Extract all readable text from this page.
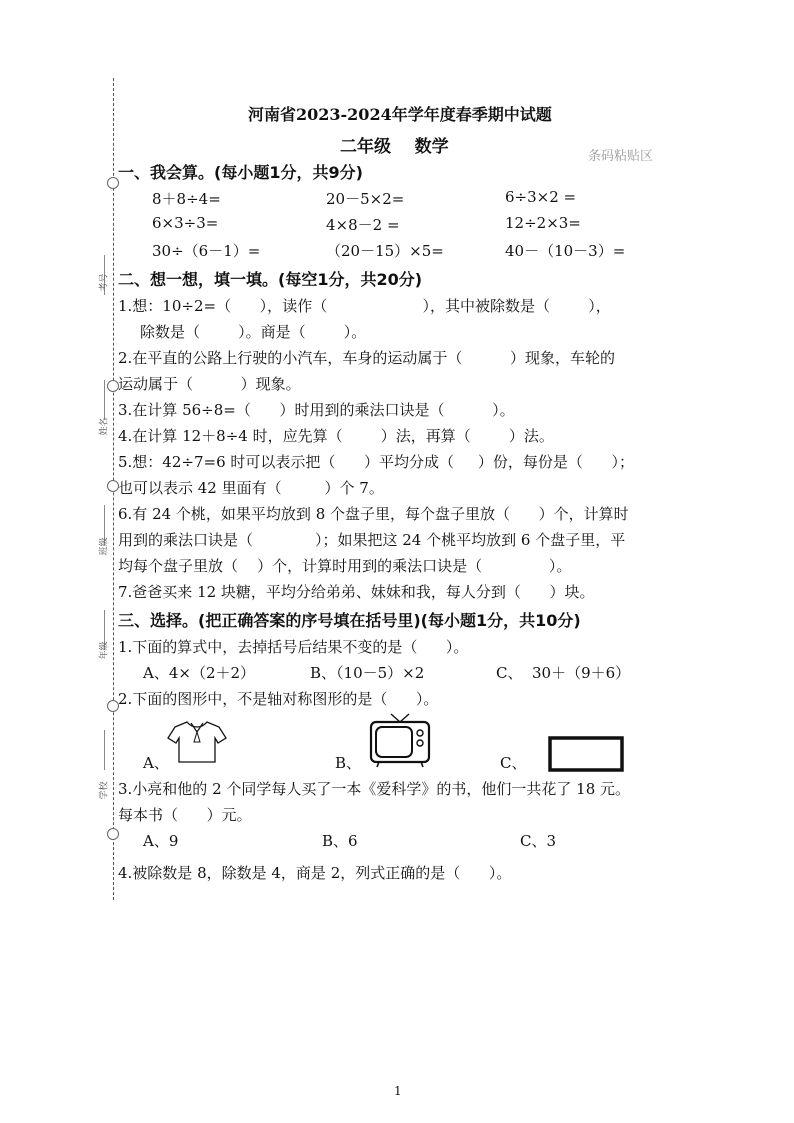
考号
姓名
班级
年级
学校
河南省2023-2024年学年度春季期中试题
二年级    数学	条码粘贴区
一、我会算。(每小题1分，共9分)
8＋8÷4=	20－5×2=	6÷3×2 =
6×3÷3=	4×8－2 =	12÷2×3=
30÷（6－1）=	（20－15）×5=	40－（10－3）=
二、想一想，填一填。(每空1分，共20分)
1.想：10÷2=（      ），读作（                    ），其中被除数是（        ），
除数是（        ）。商是（        ）。
2.在平直的公路上行驶的小汽车，车身的运动属于（          ）现象，车轮的
运动属于（          ）现象。
3.在计算 56÷8=（      ）时用到的乘法口诀是（          ）。
4.在计算 12＋8÷4 时，应先算（        ）法，再算（        ）法。
5.想：42÷7=6 时可以表示把（      ）平均分成（     ）份，每份是（      ）；
也可以表示 42 里面有（         ）个 7。
6.有 24 个桃，如果平均放到 8 个盘子里，每个盘子里放（      ）个，计算时
用到的乘法口诀是（             ）；如果把这 24 个桃平均放到 6 个盘子里，平
均每个盘子里放（    ）个，计算时用到的乘法口诀是（              ）。
7.爸爸买来 12 块糖，平均分给弟弟、妹妹和我，每人分到（      ）块。
三、选择。(把正确答案的序号填在括号里)(每小题1分，共10分)
1.下面的算式中，去掉括号后结果不变的是（      ）。
A、4×（2＋2）	B、（10－5）×2	C、  30＋（9＋6）
2.下面的图形中，不是轴对称图形的是（      ）。
A、	B、	C、
3.小亮和他的 2 个同学每人买了一本《爱科学》的书，他们一共花了 18 元。
每本书（      ）元。
A、9	B、6	C、3
4.被除数是 8，除数是 4，商是 2，列式正确的是（      ）。
1
